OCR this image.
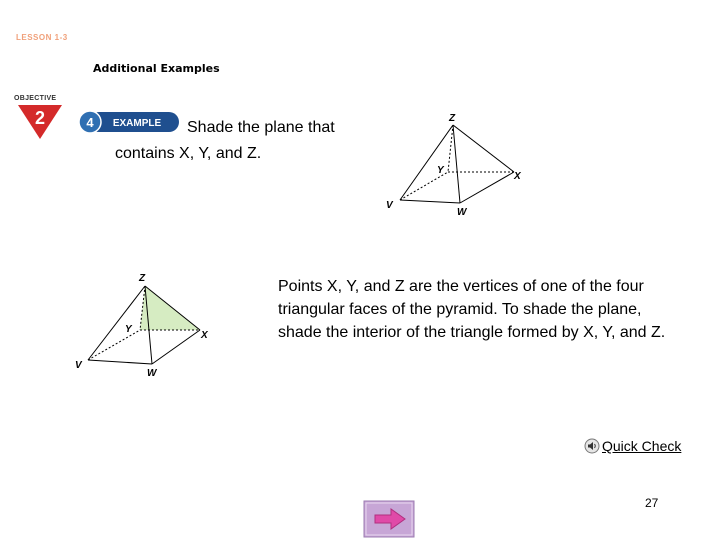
LESSON 1-3
Additional Examples
OBJECTIVE
2	4 EXAMPLE Shade the plane that
contains X, Y, and Z.
Z
Y
X
V
W
Z
Y
X
V
W
Points X, Y, and Z are the vertices of one of the four triangular faces of the pyramid. To shade the plane, shade the interior of the triangle formed by X, Y, and Z.
Quick Check
27
